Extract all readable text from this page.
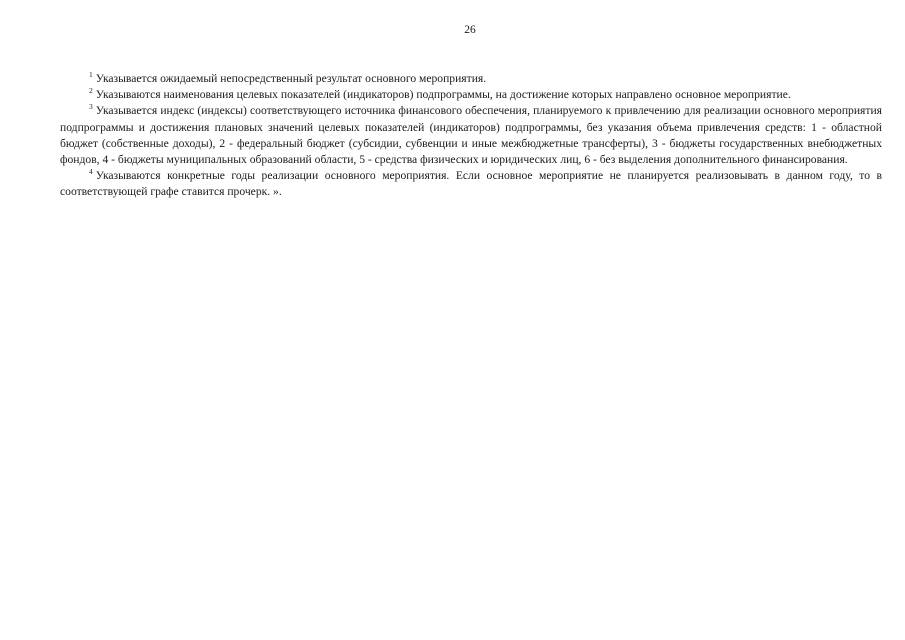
26

$^1$ Указывается ожидаемый непосредственный результат основного мероприятия.

$^2$ Указываются наименования целевых показателей (индикаторов) подпрограммы, на достижение которых направлено основное мероприятие.

$^3$ Указывается индекс (индексы) соответствующего источника финансового обеспечения, планируемого к привлечению для реализации основного мероприятия подпрограммы и достижения плановых значений целевых показателей (индикаторов) подпрограммы, без указания объема привлечения средств: 1 - областной бюджет (собственные доходы), 2 - федеральный бюджет (субсидии, субвенции и иные межбюджетные трансферты), 3 - бюджеты государственных внебюджетных фондов, 4 - бюджеты муниципальных образований области, 5 - средства физических и юридических лиц, 6 - без выделения дополнительного финансирования.

$^4$ Указываются конкретные годы реализации основного мероприятия. Если основное мероприятие не планируется реализовывать в данном году, то в соответствующей графе ставится прочерк. ».
